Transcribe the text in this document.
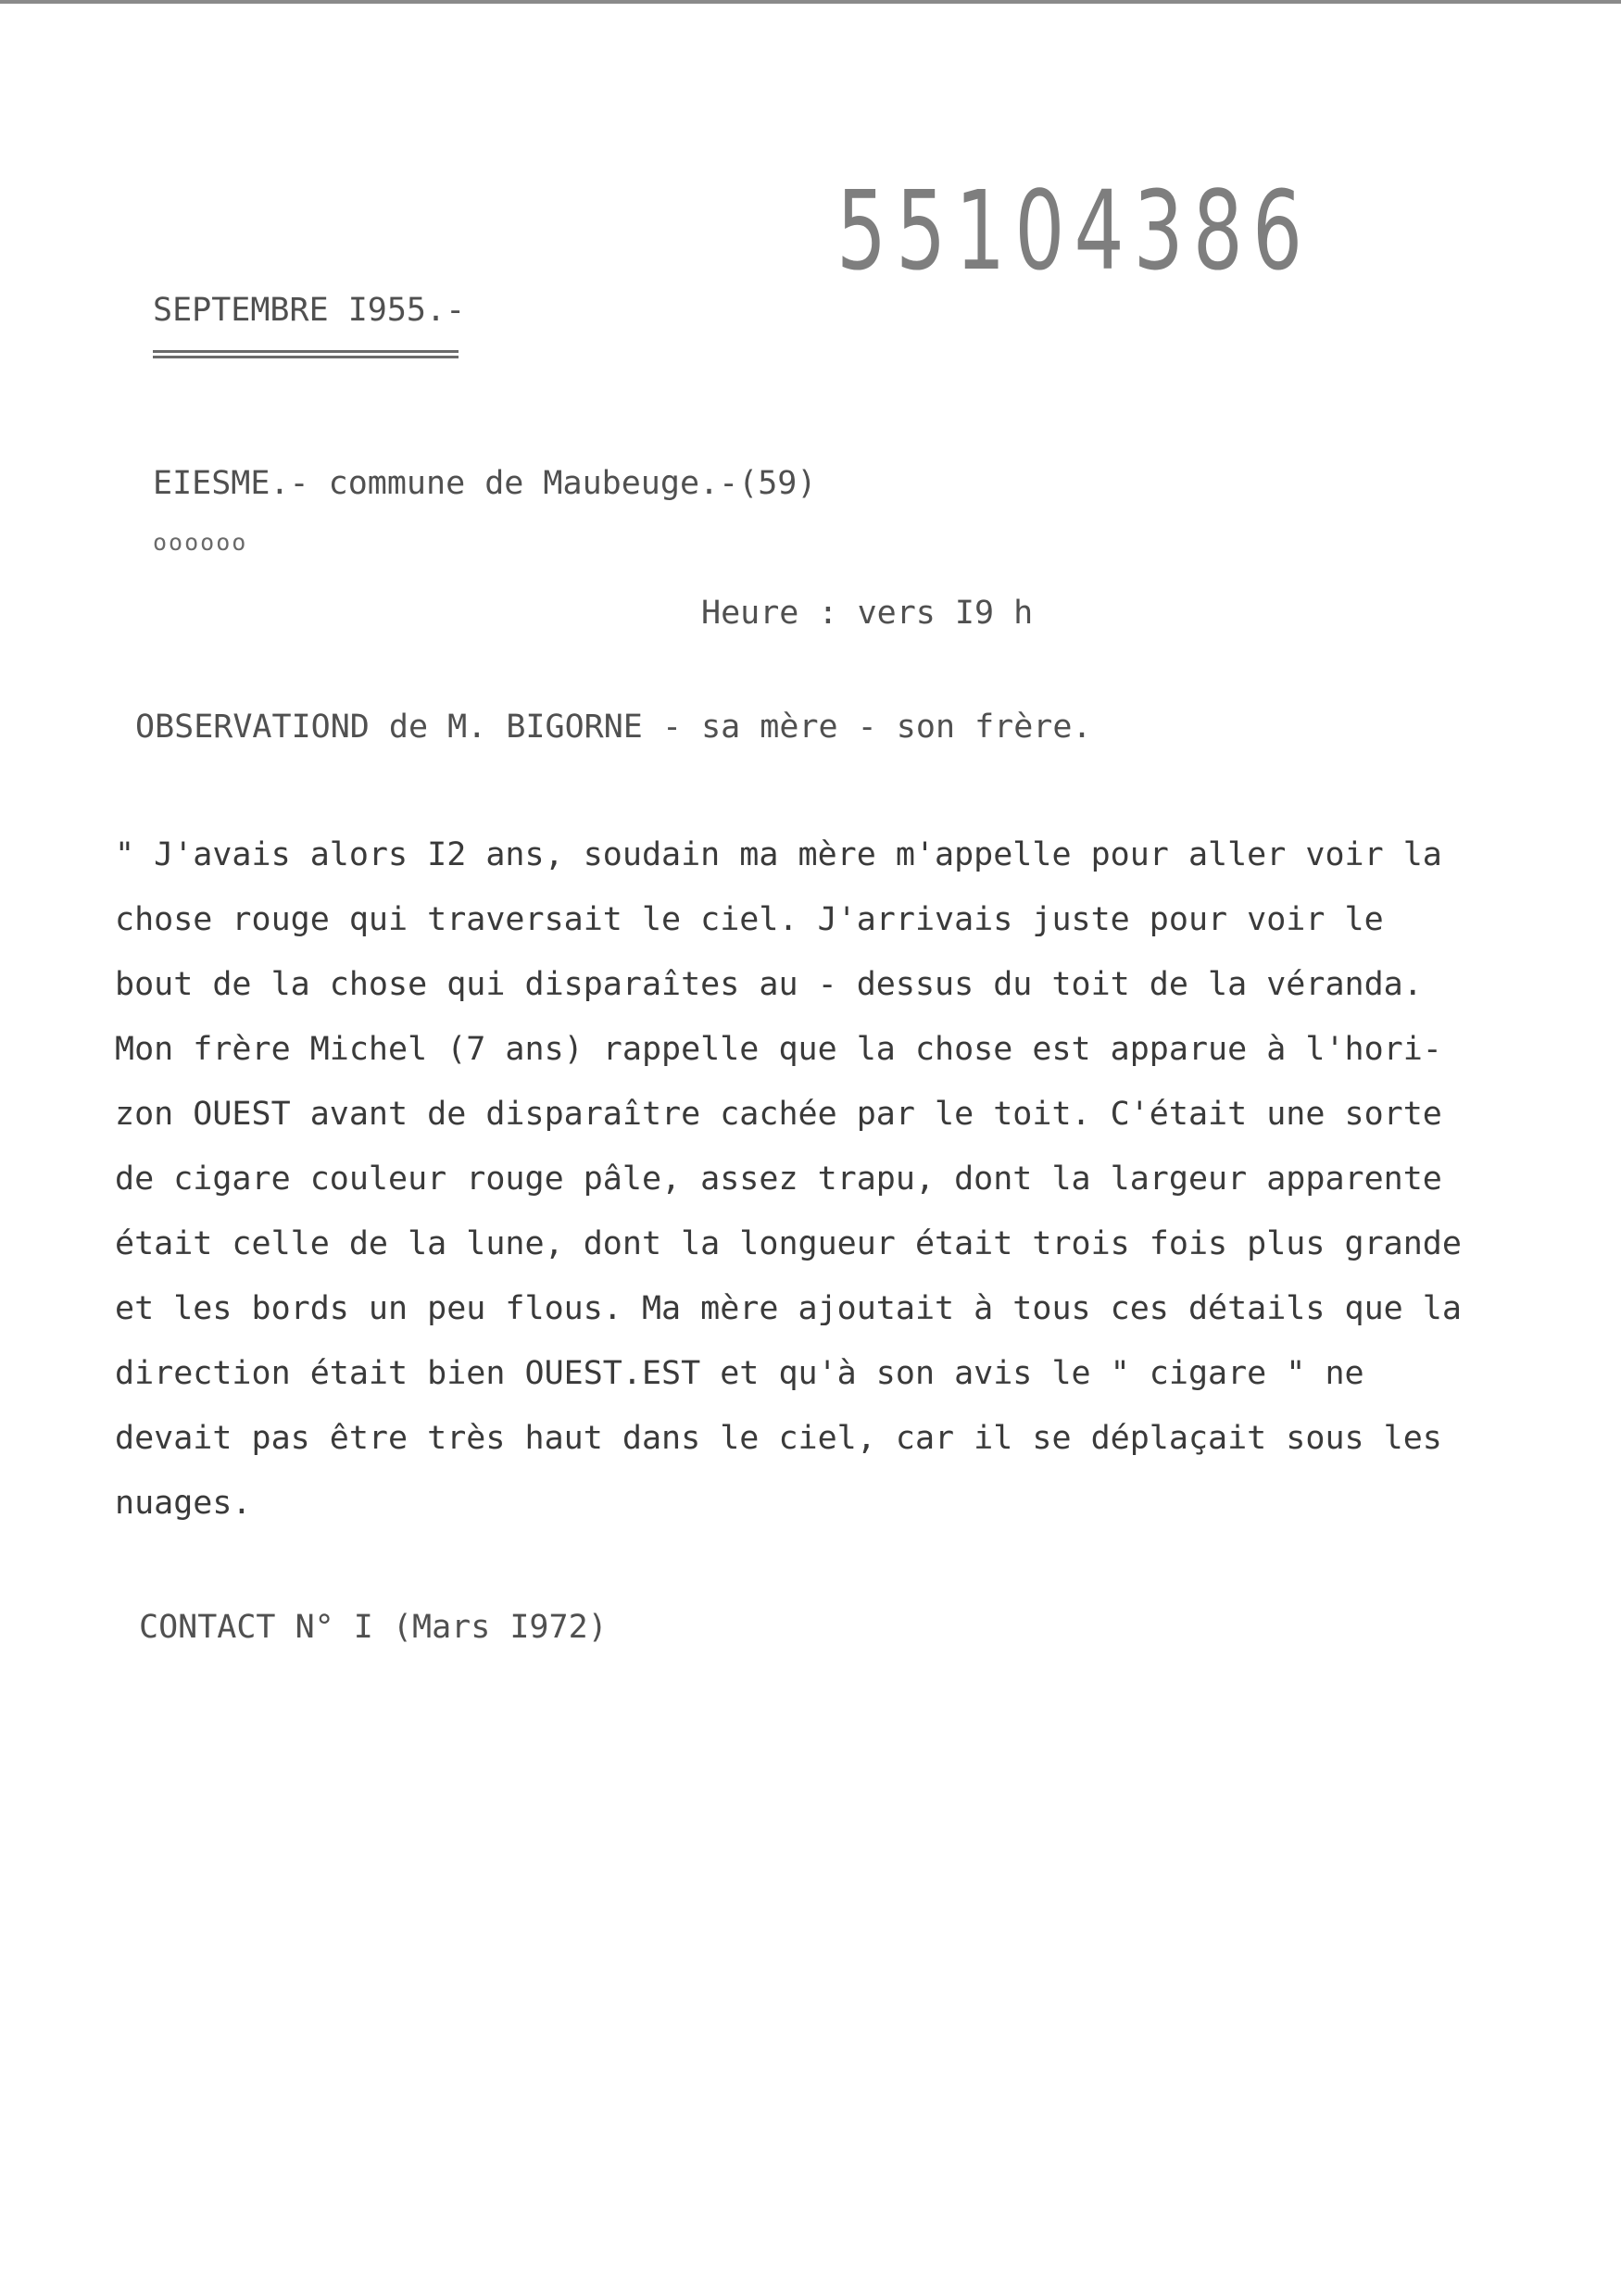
55104386
SEPTEMBRE I955.-
EIESME.- commune de Maubeuge.-(59)
oooooo
Heure : vers I9 h
OBSERVATIOND de M. BIGORNE - sa mère - son frère.
" J'avais alors I2 ans, soudain ma mère m'appelle pour aller voir la
chose rouge qui traversait le ciel. J'arrivais juste pour voir le
bout de la chose qui disparaîtes au - dessus du toit de la véranda.
Mon frère Michel (7 ans) rappelle que la chose est apparue à l'hori-
zon OUEST avant de disparaître cachée par le toit. C'était une sorte
de cigare couleur rouge pâle, assez trapu, dont la largeur apparente
était celle de la lune, dont la longueur était trois fois plus grande
et les bords un peu flous. Ma mère ajoutait à tous ces détails que la
direction était bien OUEST.EST et qu'à son avis le " cigare " ne
devait pas être très haut dans le ciel, car il se déplaçait sous les
nuages.
CONTACT N° I (Mars I972)
